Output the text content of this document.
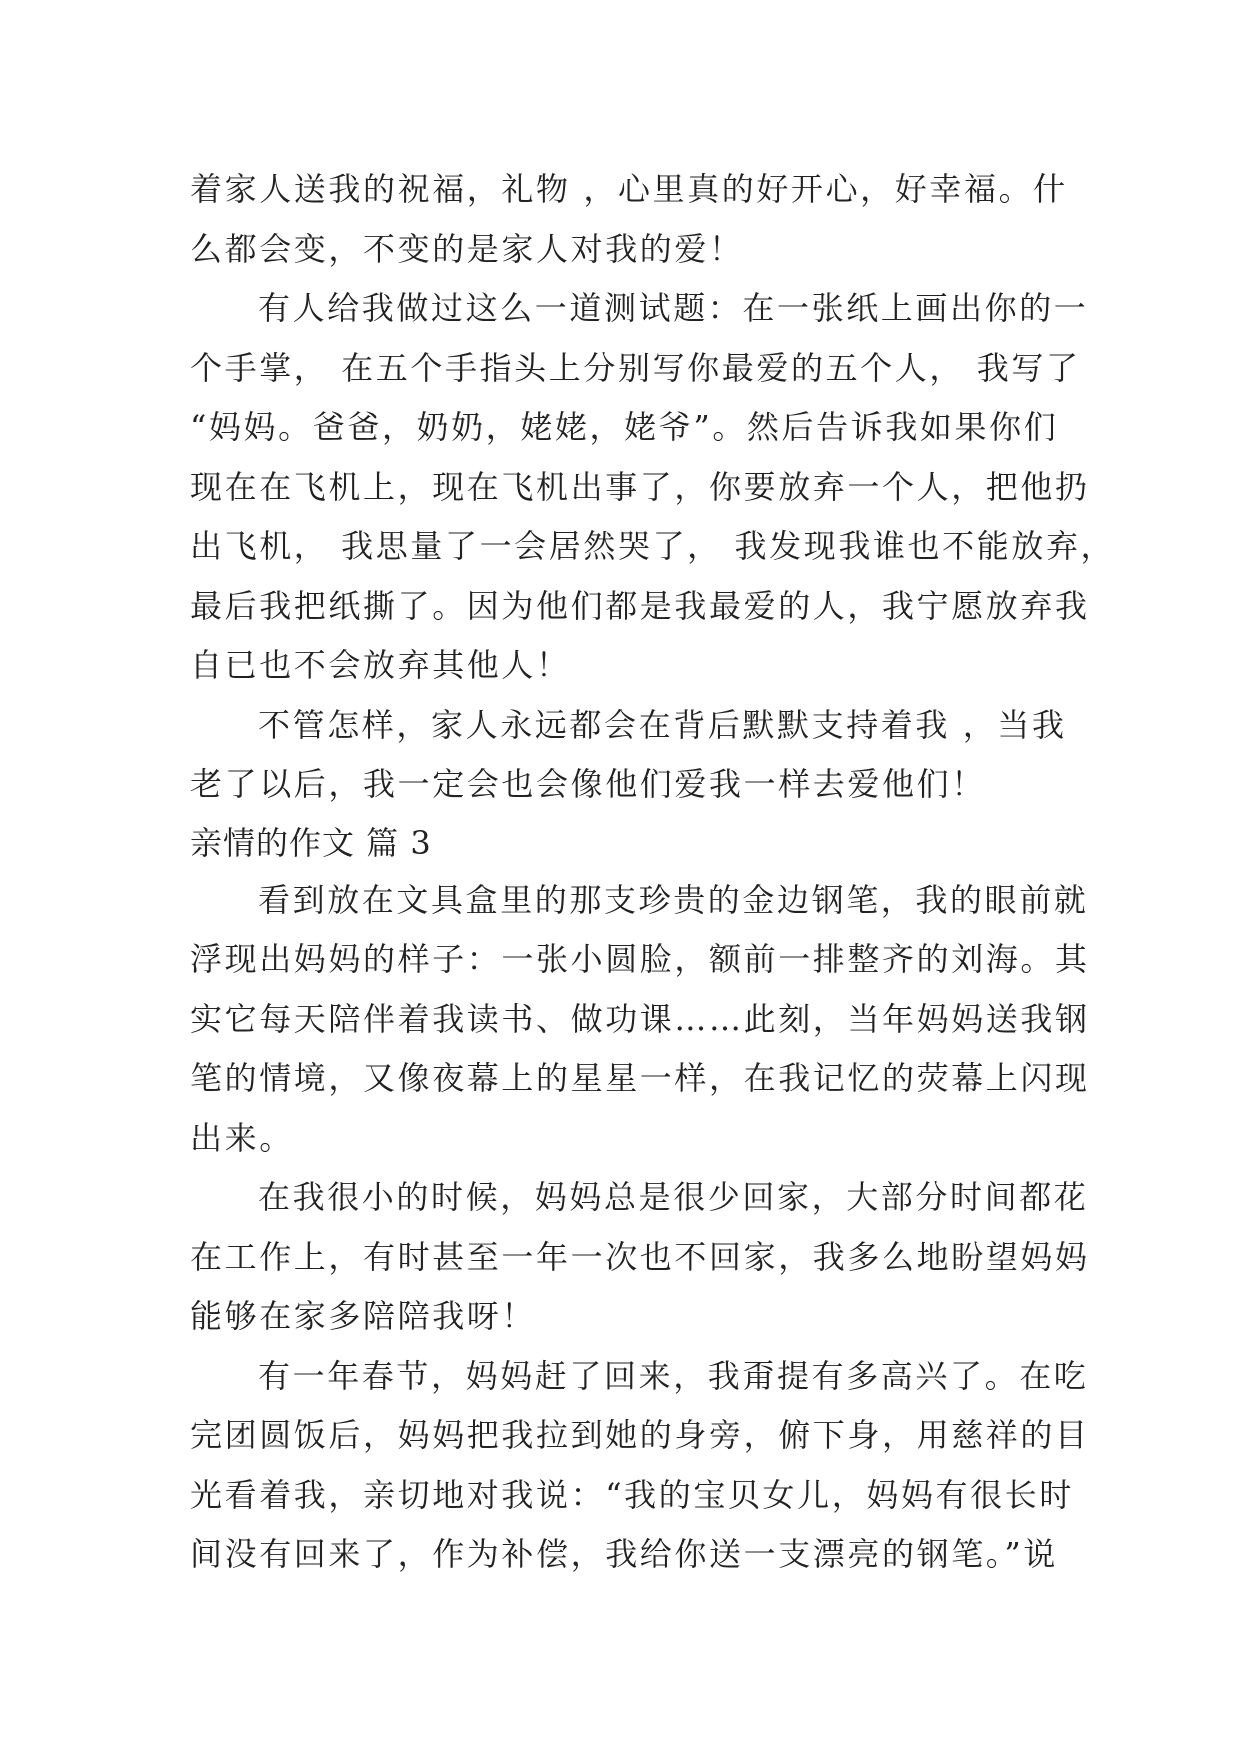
着家人送我的祝福，礼物 ，心里真的好开心，好幸福。什

么都会变，不变的是家人对我的爱！

有人给我做过这么一道测试题：在一张纸上画出你的一

个手掌， 在五个手指头上分别写你最爱的五个人， 我写了

“妈妈。爸爸，奶奶，姥姥，姥爷”。然后告诉我如果你们

现在在飞机上，现在飞机出事了，你要放弃一个人，把他扔

出飞机， 我思量了一会居然哭了， 我发现我谁也不能放弃，

最后我把纸撕了。因为他们都是我最爱的人，我宁愿放弃我

自已也不会放弃其他人！

不管怎样，家人永远都会在背后默默支持着我 ，当我

老了以后，我一定会也会像他们爱我一样去爱他们！

亲情的作文 篇 3

看到放在文具盒里的那支珍贵的金边钢笔，我的眼前就

浮现出妈妈的样子：一张小圆脸，额前一排整齐的刘海。其

实它每天陪伴着我读书、做功课……此刻，当年妈妈送我钢

笔的情境，又像夜幕上的星星一样，在我记忆的荧幕上闪现

出来。

在我很小的时候，妈妈总是很少回家，大部分时间都花

在工作上，有时甚至一年一次也不回家，我多么地盼望妈妈

能够在家多陪陪我呀！

有一年春节，妈妈赶了回来，我甭提有多高兴了。在吃

完团圆饭后，妈妈把我拉到她的身旁，俯下身，用慈祥的目

光看着我，亲切地对我说：“我的宝贝女儿，妈妈有很长时

间没有回来了，作为补偿，我给你送一支漂亮的钢笔。”说
